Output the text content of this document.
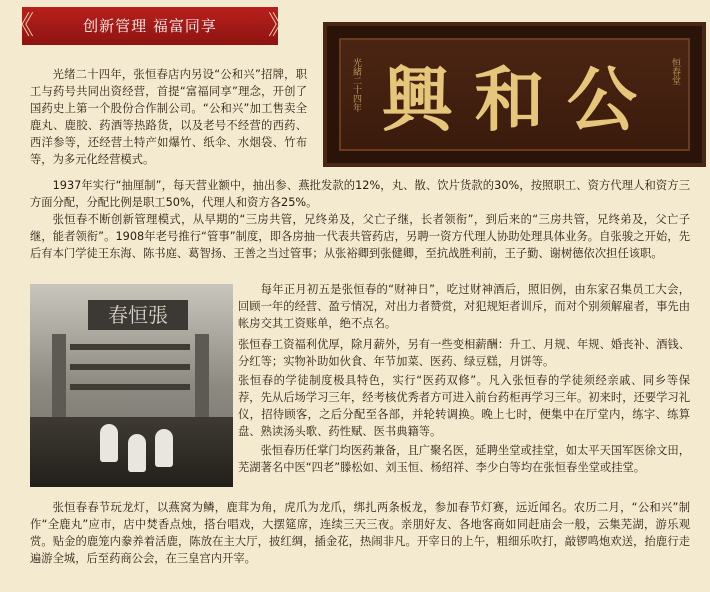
《	创新管理 福富同享	》
光緒二十四年 興 和 公	恒春堂
春恒張

光绪二十四年，张恒春店内另设“公和兴”招牌，职工与药号共同出资经营，首提“富福同享”理念，开创了国药史上第一个股份合作制公司。“公和兴”加工售卖全鹿丸、鹿胶、药酒等热路货，以及老号不经营的西药、西洋参等，还经营土特产如爆竹、纸伞、水烟袋、竹布等，为多元化经营模式。

1937年实行“抽厘制”，每天营业额中，抽出参、燕批发款的12%，丸、散、饮片货款的30%，按照职工、资方代理人和资方三方面分配，分配比例是职工50%，代理人和资方各25%。

张恒春不断创新管理模式，从早期的“三房共管，兄终弟及，父亡子继，长者领衔”，到后来的“三房共管，兄终弟及，父亡子继，能者领衔”。1908年老号推行“管事”制度，即各房抽一代表共管药店，另聘一资方代理人协助处理具体业务。自张骏之开始，先后有本门学徒王东海、陈书庭、葛智扬、王善之当过管事；从张裕卿到张健卿，至抗战胜利前，王子勤、谢树德依次担任该职。

每年正月初五是张恒春的“财神日”，吃过财神酒后，照旧例，由东家召集员工大会，回顾一年的经营、盈亏情况，对出力者赞赏，对犯规矩者训斥，而对个别须解雇者，事先由帐房交其工资账单，绝不点名。

张恒春工资福利优厚，除月薪外，另有一些变相薪酬：升工、月规、年规、婚丧补、酒钱、分红等；实物补助如伙食、年节加菜、医药、绿豆糕，月饼等。

张恒春的学徒制度极具特色，实行“医药双修”。凡入张恒春的学徒须经亲戚、同乡等保荐，先从后场学习三年，经考核优秀者方可进入前台药柜再学习三年。初来时，还要学习礼仪，招待顾客，之后分配至各部，并轮转调换。晚上七时，便集中在厅堂内，练字、练算盘、熟读汤头歌、药性赋、医书典籍等。

张恒春历任掌门均医药兼备，且广聚名医，延聘坐堂或挂堂，如太平天国军医徐文田，芜湖著名中医“四老”滕松如、刘玉恒、杨绍祥、李少白等均在张恒春坐堂或挂堂。

张恒春春节玩龙灯，以燕窝为鳞，鹿茸为角，虎爪为龙爪，绑扎两条板龙，参加春节灯赛，远近闻名。农历二月，“公和兴”制作“全鹿丸”应市，店中焚香点烛，搭台唱戏，大摆筵席，连续三天三夜。亲朋好友、各地客商如同赶庙会一般，云集芜湖，游乐观赏。贴金的鹿笼内豢养着活鹿，陈放在主大厅，披红绸，插金花，热闹非凡。开宰日的上午，粗细乐吹打，敲锣鸣炮欢送，抬鹿行走遍游全城，后至药商公会，在三皇宫内开宰。
